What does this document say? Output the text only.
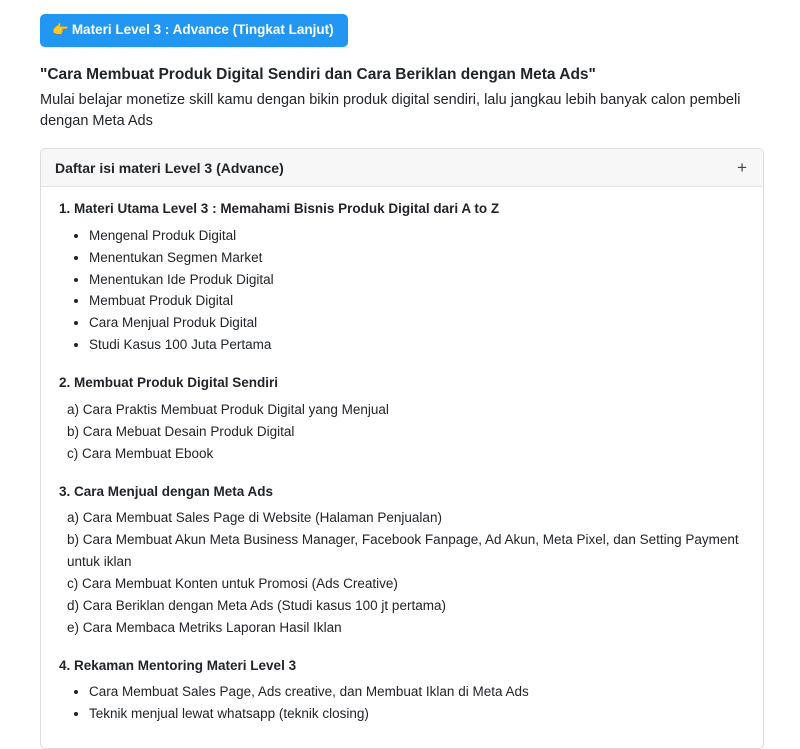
👉 Materi Level 3 : Advance (Tingkat Lanjut)
"Cara Membuat Produk Digital Sendiri dan Cara Beriklan dengan Meta Ads"
Mulai belajar monetize skill kamu dengan bikin produk digital sendiri, lalu jangkau lebih banyak calon pembeli dengan Meta Ads
Daftar isi materi Level 3 (Advance)	+
1. Materi Utama Level 3 : Memahami Bisnis Produk Digital dari A to Z
• Mengenal Produk Digital
• Menentukan Segmen Market
• Menentukan Ide Produk Digital
• Membuat Produk Digital
• Cara Menjual Produk Digital
• Studi Kasus 100 Juta Pertama
2. Membuat Produk Digital Sendiri

a) Cara Praktis Membuat Produk Digital yang Menjual

b) Cara Mebuat Desain Produk Digital

c) Cara Membuat Ebook

3. Cara Menjual dengan Meta Ads

a) Cara Membuat Sales Page di Website (Halaman Penjualan)

b) Cara Membuat Akun Meta Business Manager, Facebook Fanpage, Ad Akun, Meta Pixel, dan Setting Payment untuk iklan

c) Cara Membuat Konten untuk Promosi (Ads Creative)

d) Cara Beriklan dengan Meta Ads (Studi kasus 100 jt pertama)

e) Cara Membaca Metriks Laporan Hasil Iklan

4. Rekaman Mentoring Materi Level 3
• Cara Membuat Sales Page, Ads creative, dan Membuat Iklan di Meta Ads
• Teknik menjual lewat whatsapp (teknik closing)
